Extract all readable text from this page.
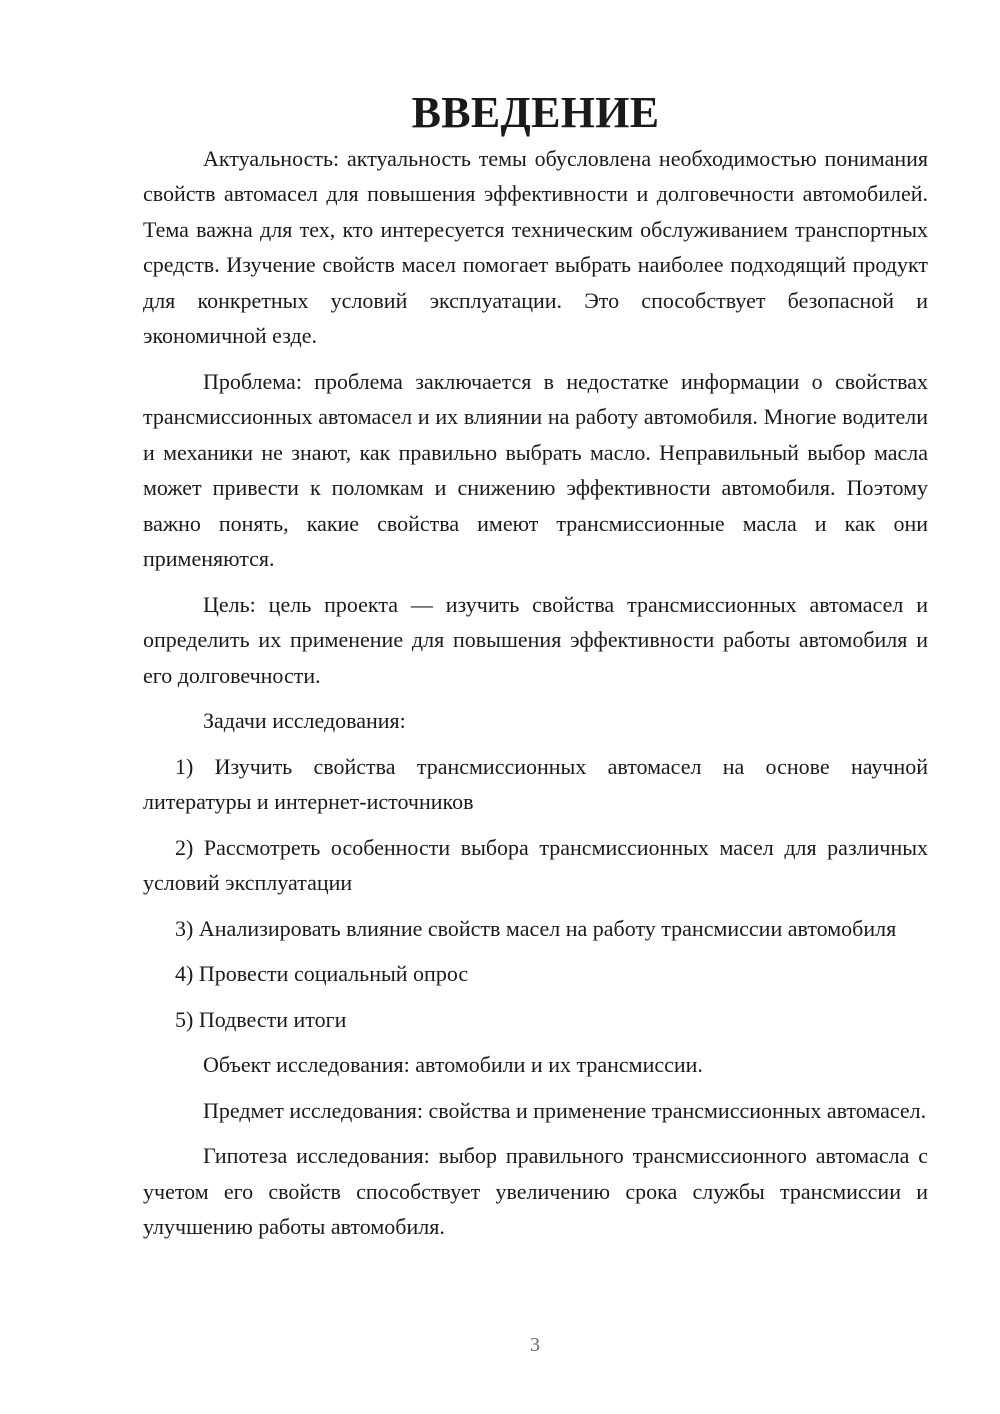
ВВЕДЕНИЕ

Актуальность: актуальность темы обусловлена необходимостью понимания свойств автомасел для повышения эффективности и долговечности автомобилей. Тема важна для тех, кто интересуется техническим обслуживанием транспортных средств. Изучение свойств масел помогает выбрать наиболее подходящий продукт для конкретных условий эксплуатации. Это способствует безопасной и экономичной езде.

Проблема: проблема заключается в недостатке информации о свойствах трансмиссионных автомасел и их влиянии на работу автомобиля. Многие водители и механики не знают, как правильно выбрать масло. Неправильный выбор масла может привести к поломкам и снижению эффективности автомобиля. Поэтому важно понять, какие свойства имеют трансмиссионные масла и как они применяются.

Цель: цель проекта — изучить свойства трансмиссионных автомасел и определить их применение для повышения эффективности работы автомобиля и его долговечности.

Задачи исследования:

1) Изучить свойства трансмиссионных автомасел на основе научной литературы и интернет-источников

2) Рассмотреть особенности выбора трансмиссионных масел для различных условий эксплуатации

3) Анализировать влияние свойств масел на работу трансмиссии автомобиля

4) Провести социальный опрос

5) Подвести итоги

Объект исследования: автомобили и их трансмиссии.

Предмет исследования: свойства и применение трансмиссионных автомасел.

Гипотеза исследования: выбор правильного трансмиссионного автомасла с учетом его свойств способствует увеличению срока службы трансмиссии и улучшению работы автомобиля.

3
